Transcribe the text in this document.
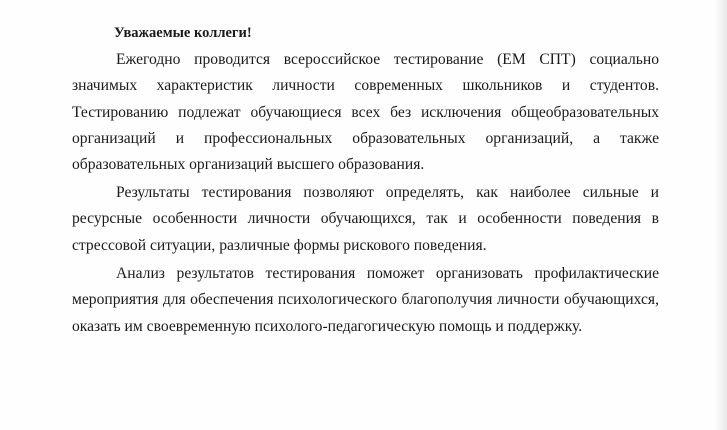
Уважаемые коллеги!

Ежегодно проводится всероссийское тестирование (ЕМ СПТ) социально значимых характеристик личности современных школьников и студентов. Тестированию подлежат обучающиеся всех без исключения общеобразовательных организаций и профессиональных образовательных организаций, а также образовательных организаций высшего образования.

Результаты тестирования позволяют определять, как наиболее сильные и ресурсные особенности личности обучающихся, так и особенности поведения в стрессовой ситуации, различные формы рискового поведения.

Анализ результатов тестирования поможет организовать профилактические мероприятия для обеспечения психологического благополучия личности обучающихся, оказать им своевременную психолого-педагогическую помощь и поддержку.
